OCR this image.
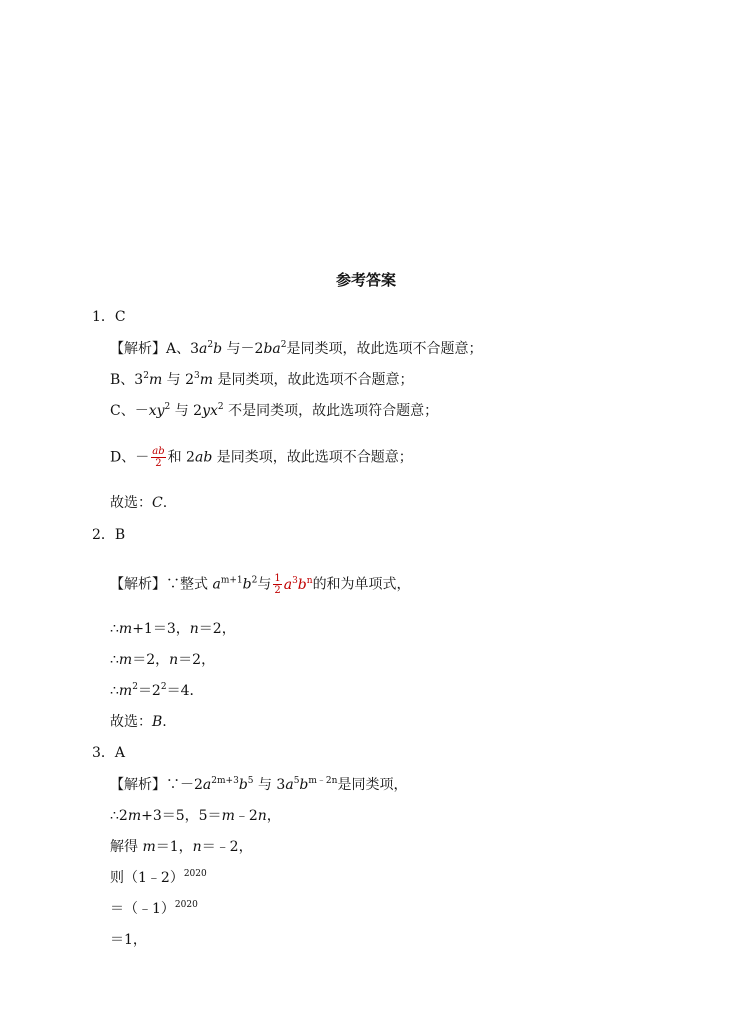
参考答案
1．C
【解析】A、$3a^2b$ 与$-2ba^2$是同类项，故此选项不合题意；
B、$3^2m$ 与 $2^3m$ 是同类项，故此选项不合题意；
C、$-xy^2$ 与 $2yx^2$ 不是同类项，故此选项符合题意；
D、－ $\frac{ab}{2}$ 和 2ab 是同类项，故此选项不合题意；
故选：C.
2．B
【解析】∵整式 $a^{m+1}b^2$与 $\frac{1}{2} a^3b^n$的和为单项式，
∴m+1＝3，n＝2，
∴m＝2，n＝2，
$\therefore m^2=2^2=4$．
故选：B.
3．A
【解析】$\because-2a^{2m+3}b^5$ 与 $3a^5b^{m﹣2n}$是同类项，
∴2m+3＝5，5＝m﹣2n，
解得 m＝1，n＝﹣2，
则（1﹣2）$^{2020}$
＝（﹣1）$^{2020}$
＝1，
